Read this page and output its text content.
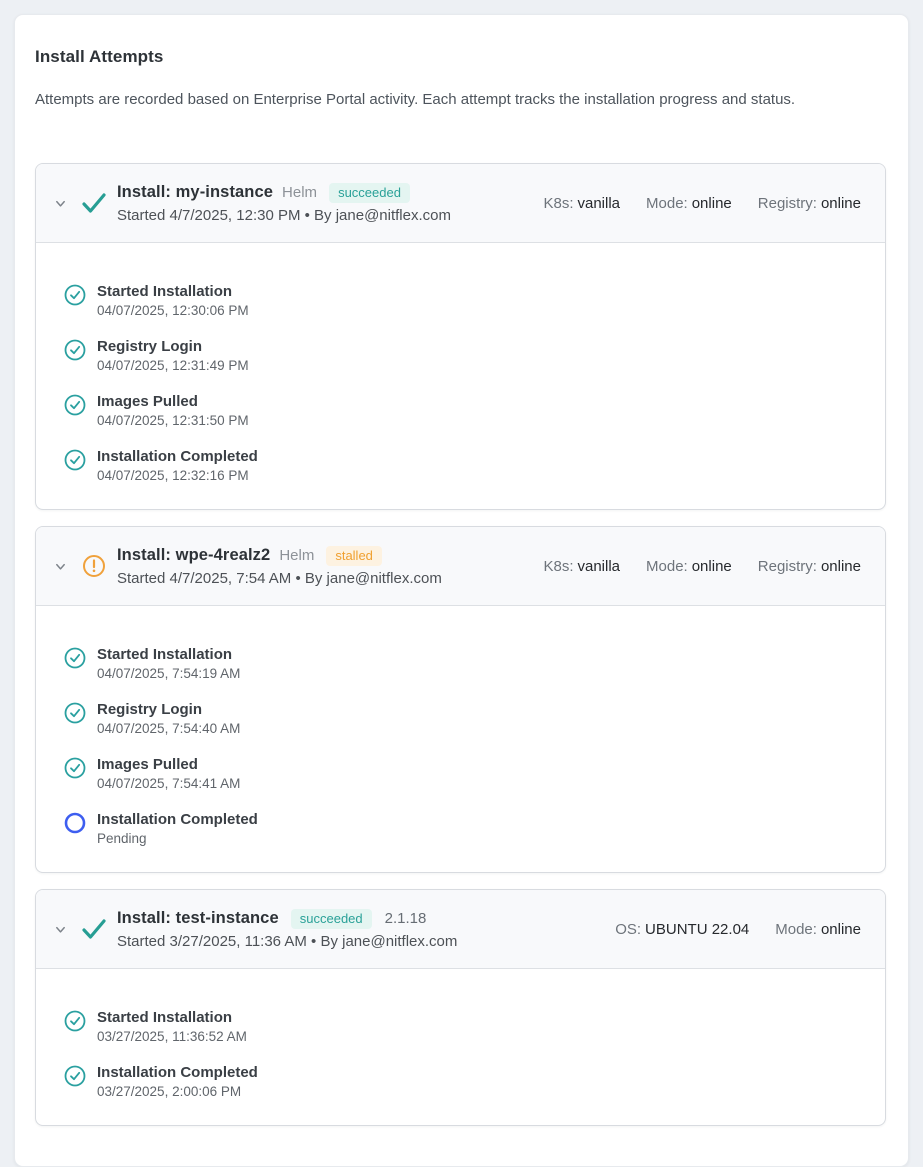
Install Attempts
Attempts are recorded based on Enterprise Portal activity. Each attempt tracks the installation progress and status.
Install: my-instance Helm	succeeded
Started 4/7/2025, 12:30 PM • By jane@nitflex.com
K8s: vanilla Mode: online Registry: online
Started Installation
04/07/2025, 12:30:06 PM
Registry Login
04/07/2025, 12:31:49 PM
Images Pulled
04/07/2025, 12:31:50 PM
Installation Completed
04/07/2025, 12:32:16 PM
Install: wpe-4realz2 Helm	stalled
Started 4/7/2025, 7:54 AM • By jane@nitflex.com
K8s: vanilla Mode: online Registry: online
Started Installation
04/07/2025, 7:54:19 AM
Registry Login
04/07/2025, 7:54:40 AM
Images Pulled
04/07/2025, 7:54:41 AM
Installation Completed
Pending
Install: test-instance	succeeded	2.1.18
Started 3/27/2025, 11:36 AM • By jane@nitflex.com
OS: UBUNTU 22.04 Mode: online
Started Installation
03/27/2025, 11:36:52 AM
Installation Completed
03/27/2025, 2:00:06 PM
